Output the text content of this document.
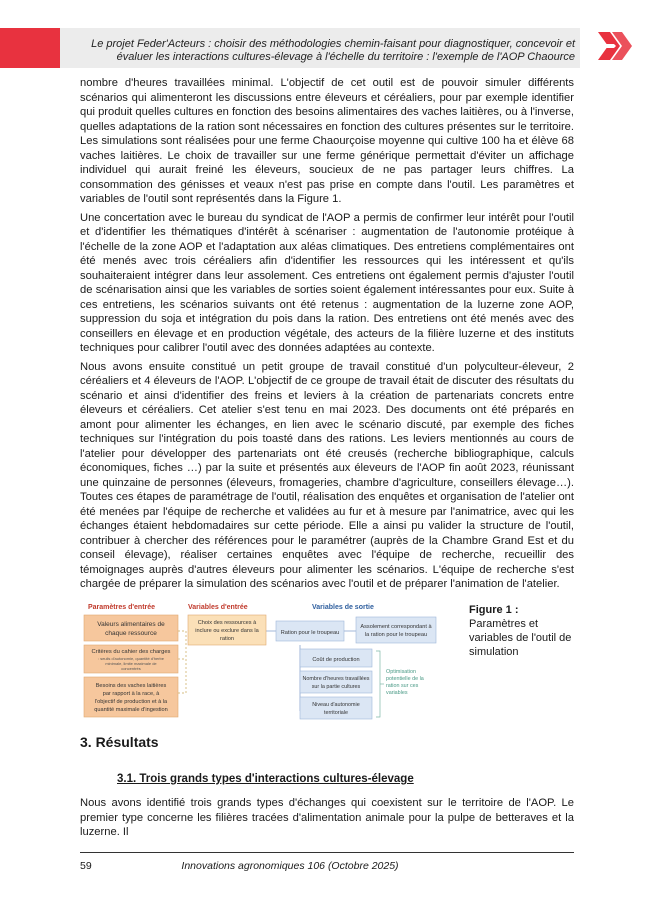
Le projet Feder'Acteurs : choisir des méthodologies chemin-faisant pour diagnostiquer, concevoir et
évaluer les interactions cultures-élevage à l'échelle du territoire : l'exemple de l'AOP Chaource

nombre d'heures travaillées minimal. L'objectif de cet outil est de pouvoir simuler différents scénarios qui alimenteront les discussions entre éleveurs et céréaliers, pour par exemple identifier qui produit quelles cultures en fonction des besoins alimentaires des vaches laitières, ou à l'inverse, quelles adaptations de la ration sont nécessaires en fonction des cultures présentes sur le territoire. Les simulations sont réalisées pour une ferme Chaourçoise moyenne qui cultive 100 ha et élève 68 vaches laitières. Le choix de travailler sur une ferme générique permettait d'éviter un affichage individuel qui aurait freiné les éleveurs, soucieux de ne pas partager leurs chiffres. La consommation des génisses et veaux n'est pas prise en compte dans l'outil. Les paramètres et variables de l'outil sont représentés dans la Figure 1.

Une concertation avec le bureau du syndicat de l'AOP a permis de confirmer leur intérêt pour l'outil et d'identifier les thématiques d'intérêt à scénariser : augmentation de l'autonomie protéique à l'échelle de la zone AOP et l'adaptation aux aléas climatiques. Des entretiens complémentaires ont été menés avec trois céréaliers afin d'identifier les ressources qui les intéressent et qu'ils souhaiteraient intégrer dans leur assolement. Ces entretiens ont également permis d'ajuster l'outil de scénarisation ainsi que les variables de sorties soient également intéressantes pour eux. Suite à ces entretiens, les scénarios suivants ont été retenus : augmentation de la luzerne zone AOP, suppression du soja et intégration du pois dans la ration. Des entretiens ont été menés avec des conseillers en élevage et en production végétale, des acteurs de la filière luzerne et des instituts techniques pour calibrer l'outil avec des données adaptées au contexte.

Nous avons ensuite constitué un petit groupe de travail constitué d'un polyculteur-éleveur, 2 céréaliers et 4 éleveurs de l'AOP. L'objectif de ce groupe de travail était de discuter des résultats du scénario et ainsi d'identifier des freins et leviers à la création de partenariats concrets entre éleveurs et céréaliers. Cet atelier s'est tenu en mai 2023. Des documents ont été préparés en amont pour alimenter les échanges, en lien avec le scénario discuté, par exemple des fiches techniques sur l'intégration du pois toasté dans des rations. Les leviers mentionnés au cours de l'atelier pour développer des partenariats ont été creusés (recherche bibliographique, calculs économiques, fiches …) par la suite et présentés aux éleveurs de l'AOP fin août 2023, réunissant une quinzaine de personnes (éleveurs, fromageries, chambre d'agriculture, conseillers élevage…). Toutes ces étapes de paramétrage de l'outil, réalisation des enquêtes et organisation de l'atelier ont été menées par l'équipe de recherche et validées au fur et à mesure par l'animatrice, avec qui les échanges étaient hebdomadaires sur cette période. Elle a ainsi pu valider la structure de l'outil, contribuer à chercher des références pour le paramétrer (auprès de la Chambre Grand Est et du conseil élevage), réaliser certaines enquêtes avec l'équipe de recherche, recueillir des témoignages auprès d'autres éleveurs pour alimenter les scénarios. L'équipe de recherche s'est chargée de préparer la simulation des scénarios avec l'outil et de préparer l'animation de l'atelier.

Paramètres d'entrée	Variables d'entrée	Variables de sortie
Valeurs alimentaires de
chaque ressource
Critères du cahier des charges
: seuils d'autonomie, quantité d'herbe
minimale, limite maximale de
concentrés
Besoins des vaches laitières
par rapport à la race, à
l'objectif de production et à la
quantité maximale d'ingestion
Choix des ressources à
inclure ou exclure dans la
ration
Ration pour le troupeau
Assolement correspondant à
la ration pour le troupeau
Coût de production
Nombre d'heures travaillées
sur la partie cultures
Niveau d'autonomie
territoriale
Optimisation
potentielle de la
ration sur ces
variables
Figure 1 :
Paramètres et variables de l'outil de simulation
3. Résultats
3.1. Trois grands types d'interactions cultures-élevage
Nous avons identifié trois grands types d'échanges qui coexistent sur le territoire de l'AOP. Le premier type concerne les filières tracées d'alimentation animale pour la pulpe de betteraves et la luzerne. Il
59	Innovations agronomiques 106 (Octobre 2025)
